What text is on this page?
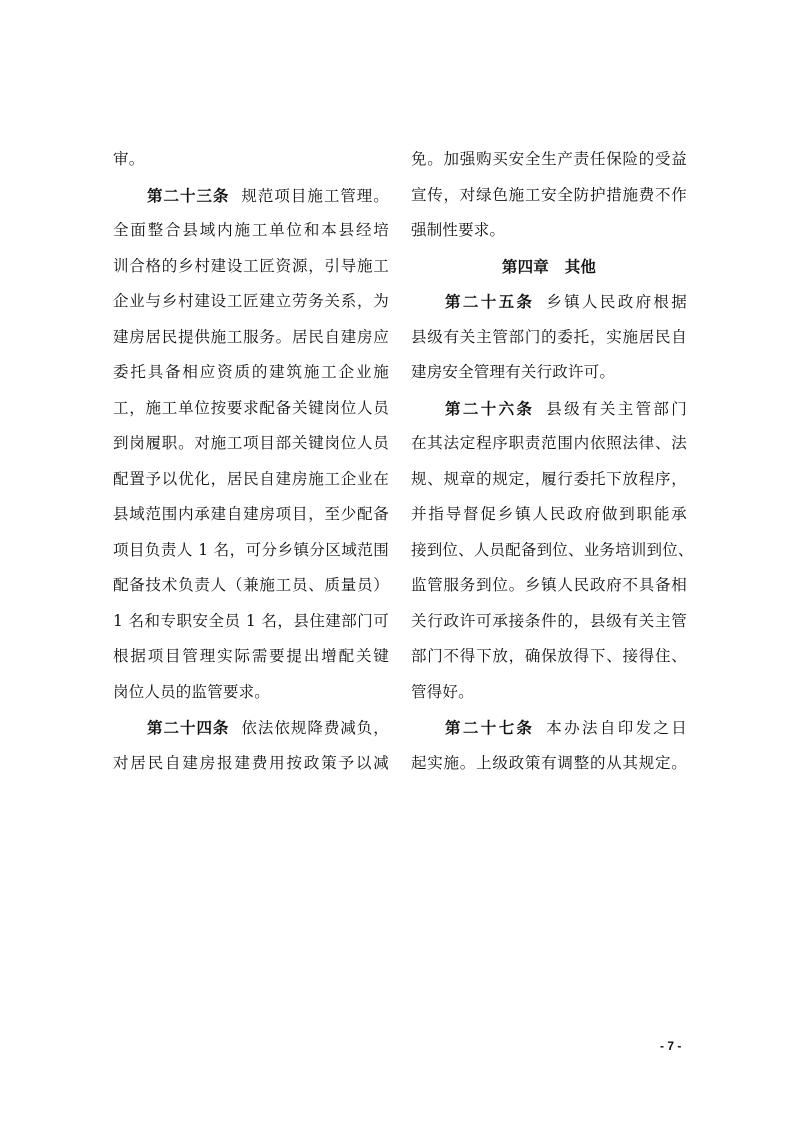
审。
第二十三条 规范项目施工管理。
全面整合县域内施工单位和本县经培
训合格的乡村建设工匠资源，引导施工
企业与乡村建设工匠建立劳务关系，为
建房居民提供施工服务。居民自建房应
委托具备相应资质的建筑施工企业施
工，施工单位按要求配备关键岗位人员
到岗履职。对施工项目部关键岗位人员
配置予以优化，居民自建房施工企业在
县域范围内承建自建房项目，至少配备
项目负责人 1 名，可分乡镇分区域范围
配备技术负责人（兼施工员、质量员）
1 名和专职安全员 1 名，县住建部门可
根据项目管理实际需要提出增配关键
岗位人员的监管要求。
第二十四条 依法依规降费减负，
对居民自建房报建费用按政策予以减
免。加强购买安全生产责任保险的受益
宣传，对绿色施工安全防护措施费不作
强制性要求。
第四章　其他
第二十五条 乡镇人民政府根据
县级有关主管部门的委托，实施居民自
建房安全管理有关行政许可。
第二十六条 县级有关主管部门
在其法定程序职责范围内依照法律、法
规、规章的规定，履行委托下放程序，
并指导督促乡镇人民政府做到职能承
接到位、人员配备到位、业务培训到位、
监管服务到位。乡镇人民政府不具备相
关行政许可承接条件的，县级有关主管
部门不得下放，确保放得下、接得住、
管得好。
第二十七条 本办法自印发之日
起实施。上级政策有调整的从其规定。
- 7 -
